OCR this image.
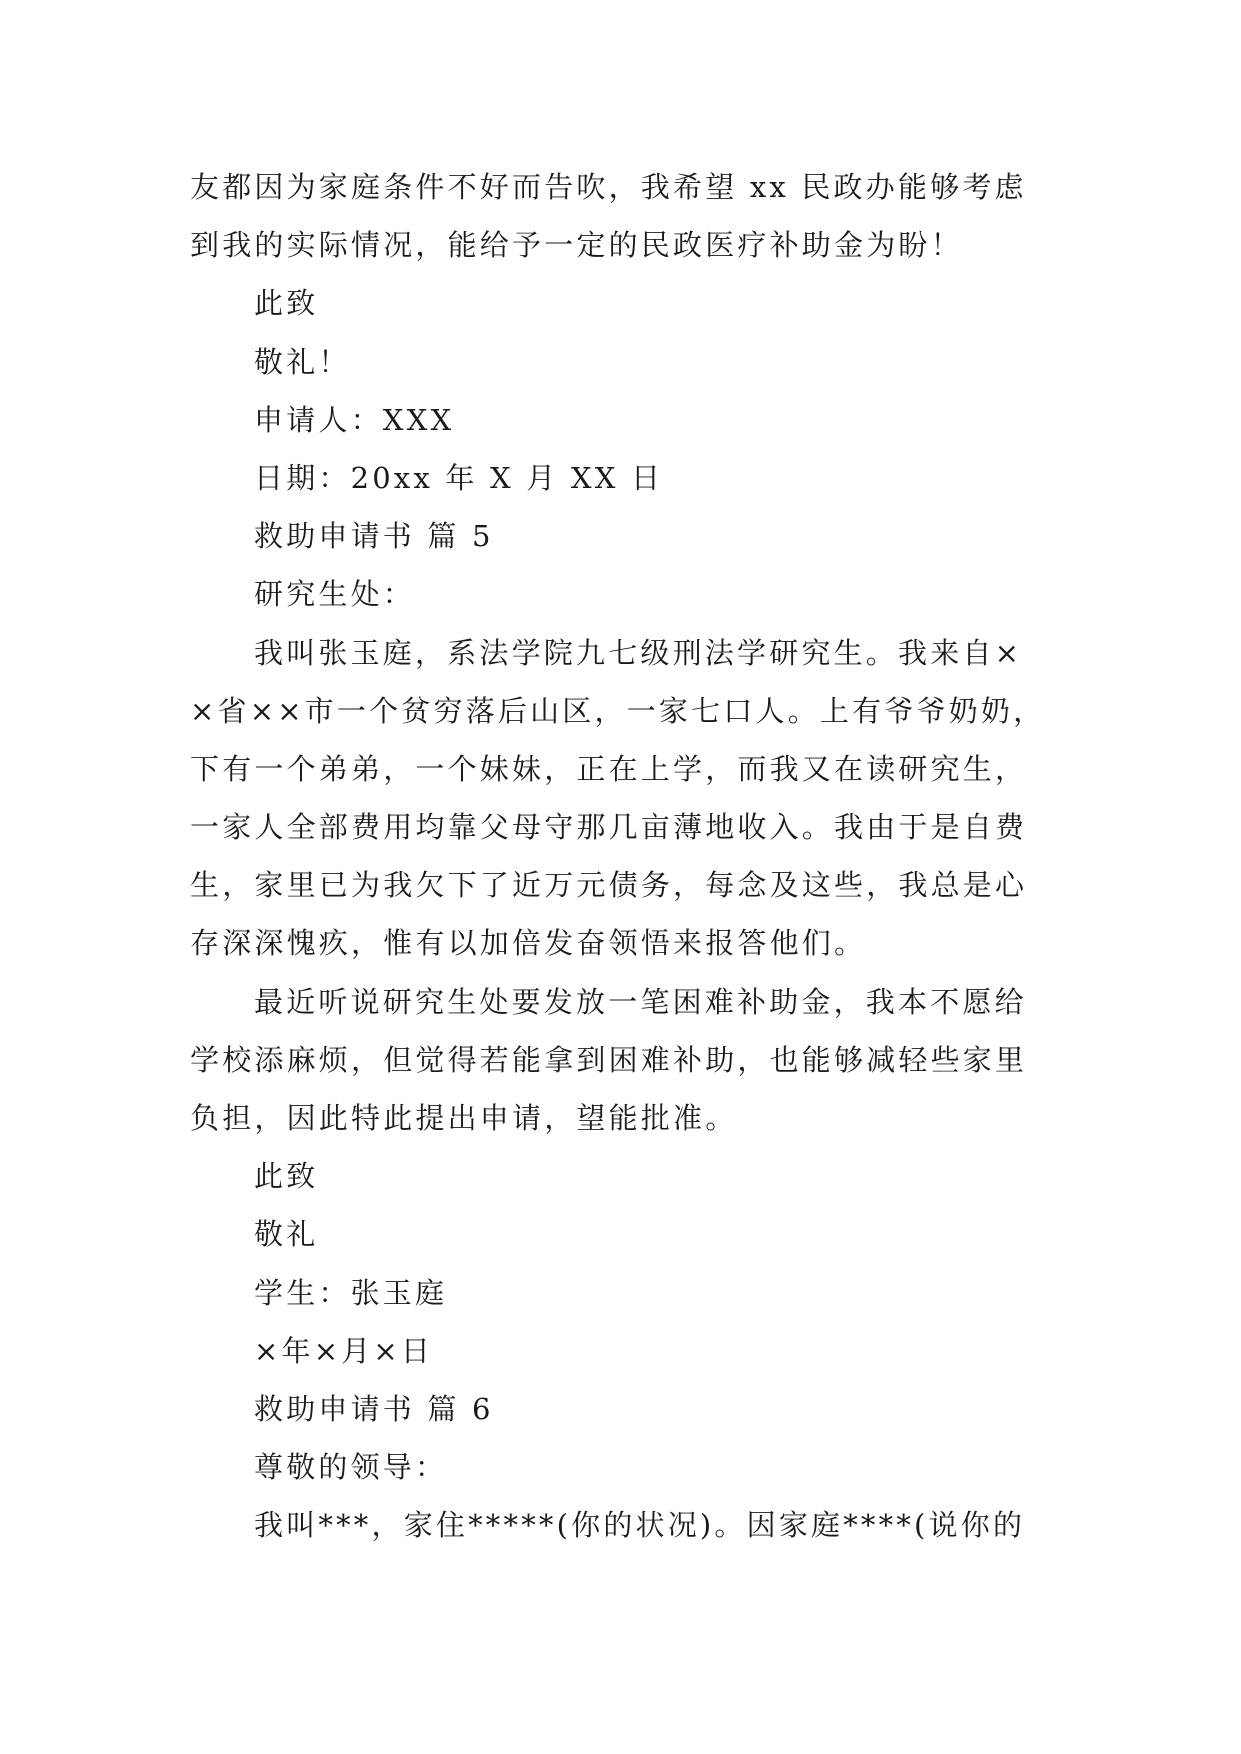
友都因为家庭条件不好而告吹，我希望 xx 民政办能够考虑
到我的实际情况，能给予一定的民政医疗补助金为盼！
此致
敬礼！
申请人：XXX
日期：20xx 年 X 月 XX 日
救助申请书 篇 5
研究生处：
我叫张玉庭，系法学院九七级刑法学研究生。我来自×
×省××市一个贫穷落后山区，一家七口人。上有爷爷奶奶，
下有一个弟弟，一个妹妹，正在上学，而我又在读研究生，
一家人全部费用均靠父母守那几亩薄地收入。我由于是自费
生，家里已为我欠下了近万元债务，每念及这些，我总是心
存深深愧疚，惟有以加倍发奋领悟来报答他们。
最近听说研究生处要发放一笔困难补助金，我本不愿给
学校添麻烦，但觉得若能拿到困难补助，也能够减轻些家里
负担，因此特此提出申请，望能批准。
此致
敬礼
学生：张玉庭
×年×月×日
救助申请书 篇 6
尊敬的领导：
我叫***，家住*****(你的状况)。因家庭****(说你的
